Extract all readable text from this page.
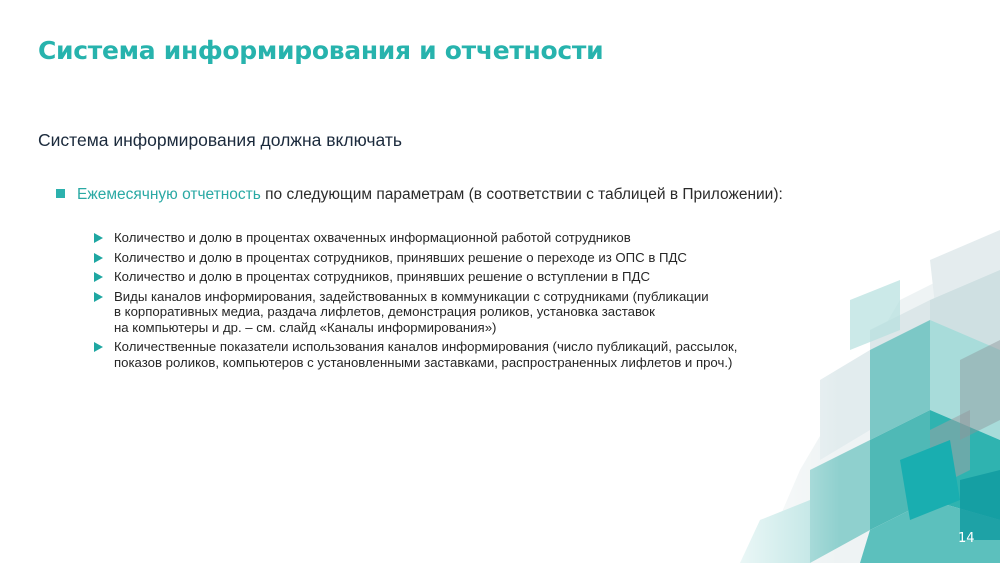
Система информирования и отчетности
Система информирования должна включать
Ежемесячную отчетность по следующим параметрам (в соответствии с таблицей в Приложении):
Количество и долю в процентах охваченных информационной работой сотрудников
Количество и долю в процентах сотрудников, принявших решение о переходе из ОПС в ПДС
Количество и долю в процентах сотрудников, принявших решение о вступлении в ПДС
Виды каналов информирования, задействованных в коммуникации с сотрудниками (публикации
в корпоративных медиа, раздача лифлетов, демонстрация роликов, установка заставок
на компьютеры и др. – см. слайд «Каналы информирования»)
Количественные показатели использования каналов информирования (число публикаций, рассылок,
показов роликов, компьютеров с установленными заставками, распространенных лифлетов и проч.)
14
